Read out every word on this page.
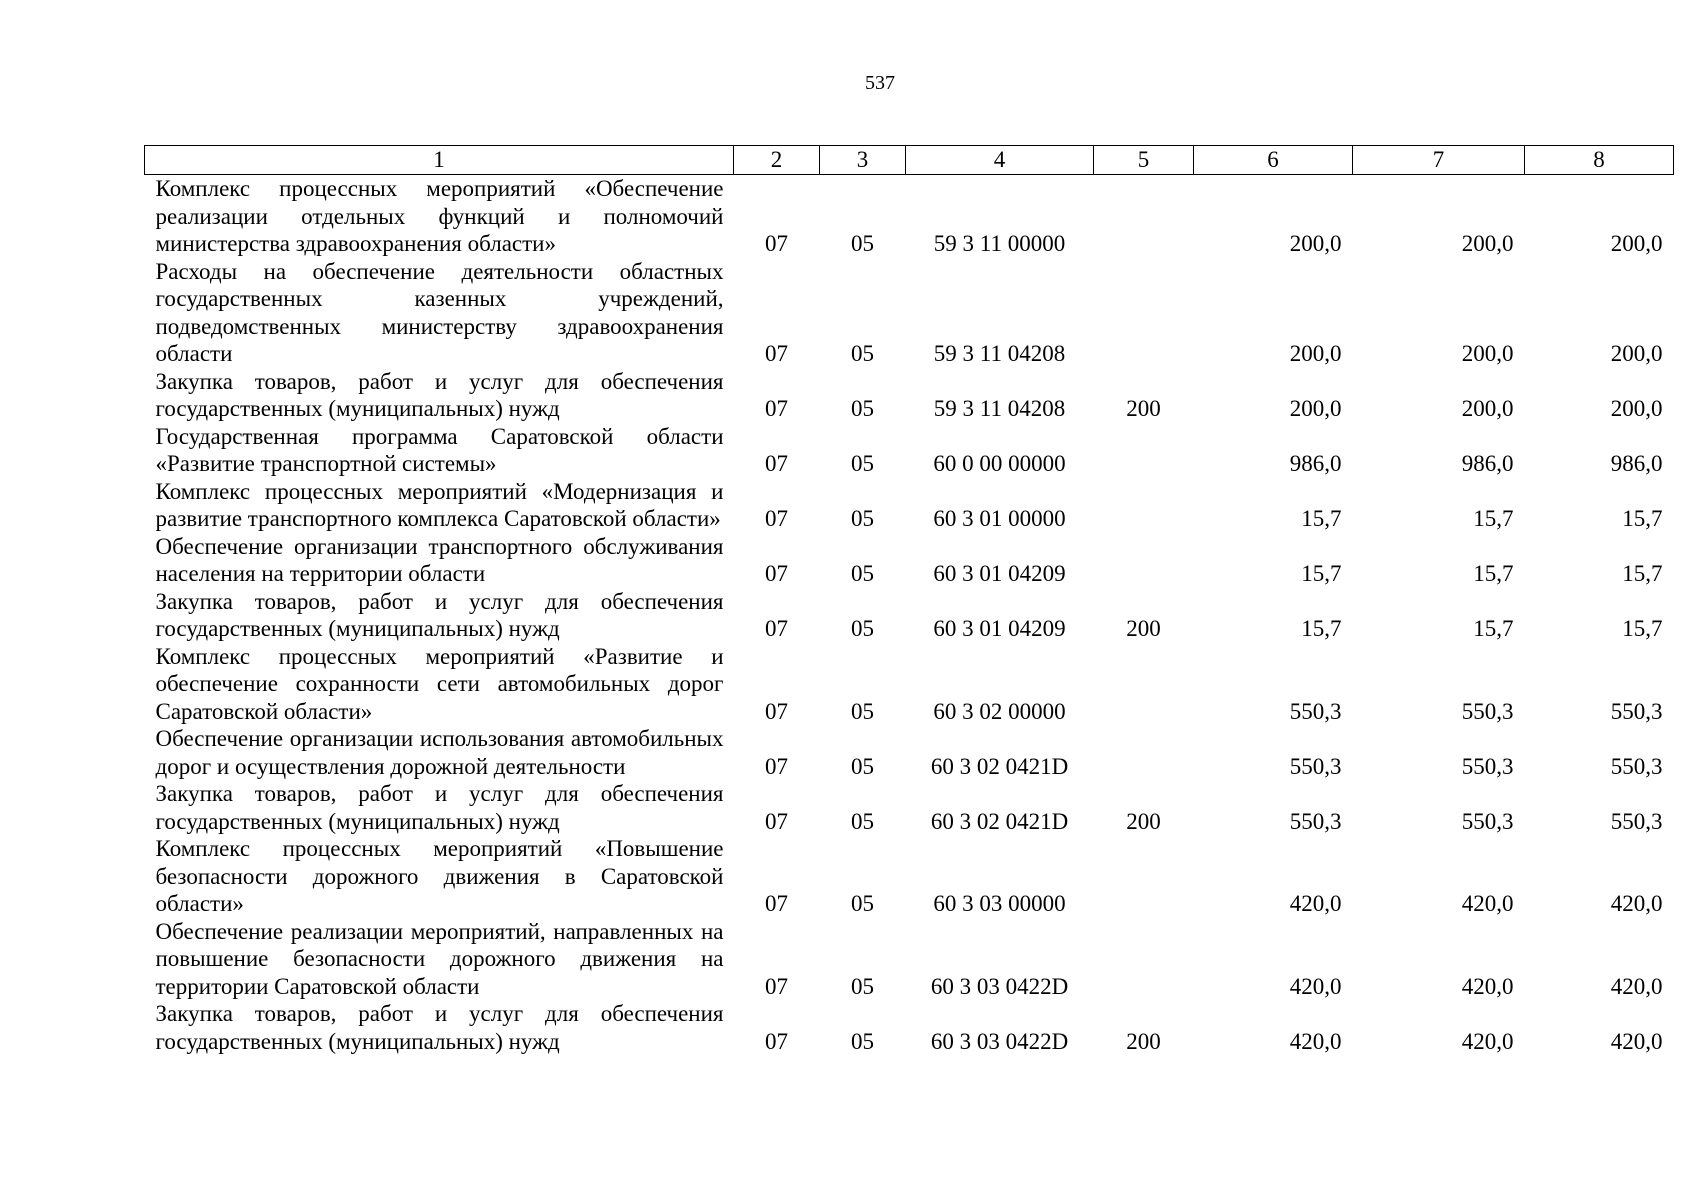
537
1	2	3	4	5	6	7	8
Комплекс процессных мероприятий «Обеспечение реализации отдельных функций и полномочий министерства здравоохранения области»	07	05	59 3 11 00000		200,0	200,0	200,0
Расходы на обеспечение деятельности областных государственных казенных учреждений, подведомственных министерству здравоохранения области	07	05	59 3 11 04208		200,0	200,0	200,0
Закупка товаров, работ и услуг для обеспечения государственных (муниципальных) нужд	07	05	59 3 11 04208	200	200,0	200,0	200,0
Государственная программа Саратовской области «Развитие транспортной системы»	07	05	60 0 00 00000		986,0	986,0	986,0
Комплекс процессных мероприятий «Модернизация и развитие транспортного комплекса Саратовской области»	07	05	60 3 01 00000		15,7	15,7	15,7
Обеспечение организации транспортного обслуживания населения на территории области	07	05	60 3 01 04209		15,7	15,7	15,7
Закупка товаров, работ и услуг для обеспечения государственных (муниципальных) нужд	07	05	60 3 01 04209	200	15,7	15,7	15,7
Комплекс процессных мероприятий «Развитие и обеспечение сохранности сети автомобильных дорог Саратовской области»	07	05	60 3 02 00000		550,3	550,3	550,3
Обеспечение организации использования автомобильных дорог и осуществления дорожной деятельности	07	05	60 3 02 0421D		550,3	550,3	550,3
Закупка товаров, работ и услуг для обеспечения государственных (муниципальных) нужд	07	05	60 3 02 0421D	200	550,3	550,3	550,3
Комплекс процессных мероприятий «Повышение безопасности дорожного движения в Саратовской области»	07	05	60 3 03 00000		420,0	420,0	420,0
Обеспечение реализации мероприятий, направленных на повышение безопасности дорожного движения на территории Саратовской области	07	05	60 3 03 0422D		420,0	420,0	420,0
Закупка товаров, работ и услуг для обеспечения государственных (муниципальных) нужд	07	05	60 3 03 0422D	200	420,0	420,0	420,0
